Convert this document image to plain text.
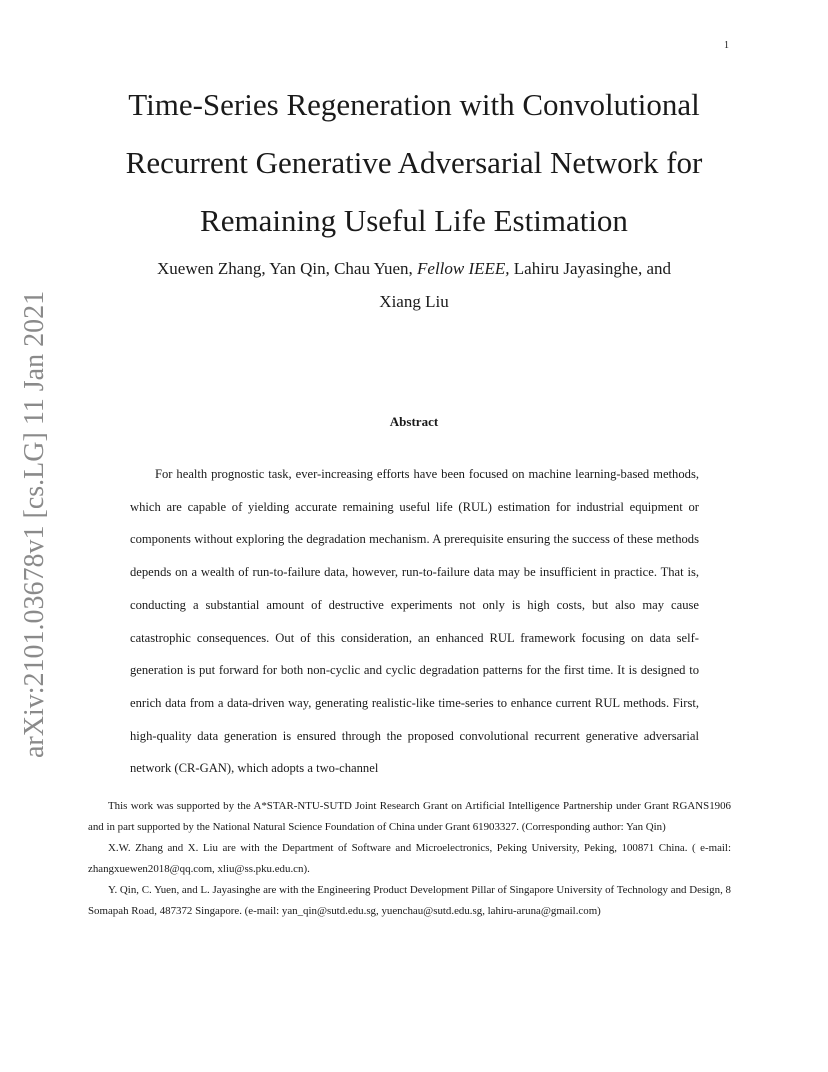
1
arXiv:2101.03678v1 [cs.LG] 11 Jan 2021
Time-Series Regeneration with Convolutional
Recurrent Generative Adversarial Network for
Remaining Useful Life Estimation
Xuewen Zhang, Yan Qin, Chau Yuen, Fellow IEEE, Lahiru Jayasinghe, and
Xiang Liu
Abstract
For health prognostic task, ever-increasing efforts have been focused on machine learning-based methods, which are capable of yielding accurate remaining useful life (RUL) estimation for industrial equipment or components without exploring the degradation mechanism. A prerequisite ensuring the success of these methods depends on a wealth of run-to-failure data, however, run-to-failure data may be insufficient in practice. That is, conducting a substantial amount of destructive experiments not only is high costs, but also may cause catastrophic consequences. Out of this consideration, an enhanced RUL framework focusing on data self-generation is put forward for both non-cyclic and cyclic degradation patterns for the first time. It is designed to enrich data from a data-driven way, generating realistic-like time-series to enhance current RUL methods. First, high-quality data generation is ensured through the proposed convolutional recurrent generative adversarial network (CR-GAN), which adopts a two-channel

This work was supported by the A*STAR-NTU-SUTD Joint Research Grant on Artificial Intelligence Partnership under Grant RGANS1906 and in part supported by the National Natural Science Foundation of China under Grant 61903327. (Corresponding author: Yan Qin)

X.W. Zhang and X. Liu are with the Department of Software and Microelectronics, Peking University, Peking, 100871 China. ( e-mail: zhangxuewen2018@qq.com, xliu@ss.pku.edu.cn).

Y. Qin, C. Yuen, and L. Jayasinghe are with the Engineering Product Development Pillar of Singapore University of Technology and Design, 8 Somapah Road, 487372 Singapore. (e-mail: yan_qin@sutd.edu.sg, yuenchau@sutd.edu.sg, lahiru-aruna@gmail.com)
